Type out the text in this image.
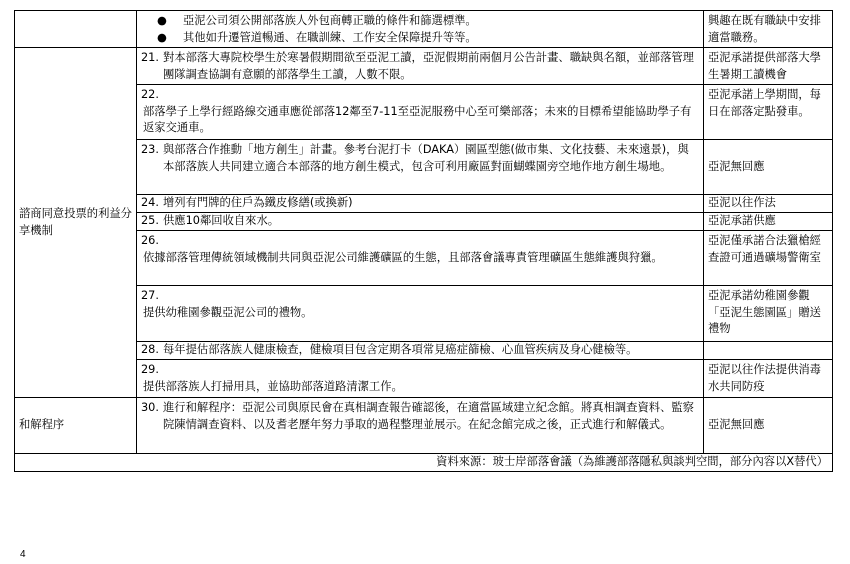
	● 亞泥公司須公開部落族人外包商轉正職的條件和篩選標準。
● 其他如升遷管道暢通、在職訓練、工作安全保障提升等等。	興趣在既有職缺中安排適當職務。
諮商同意投票的利益分享機制	21. 對本部落大專院校學生於寒暑假期間欲至亞泥工讀，亞泥假期前兩個月公告計畫、職缺與名額，並部落管理團隊調查協調有意願的部落學生工讀，人數不限。	亞泥承諾提供部落大學生暑期工讀機會

	22.
部落學子上學行經路線交通車應從部落12鄰至7-11至亞泥服務中心至可樂部落；未來的目標希望能協助學子有返家交通車。	亞泥承諾上學期間，每日在部落定點發車。

	23. 與部落合作推動「地方創生」計畫。參考台泥打卡（DAKA）園區型態(做市集、文化技藝、未來遠景)，與本部落族人共同建立適合本部落的地方創生模式，包含可利用廠區對面蝴蝶園旁空地作地方創生場地。	亞泥無回應

	24. 增列有門牌的住戶為鐵皮修繕(或換新)	亞泥以往作法

	25. 供應10鄰回收自來水。	亞泥承諾供應

	26.
依據部落管理傳統領域機制共同與亞泥公司維護礦區的生態，且部落會議專責管理礦區生態維護與狩獵。	亞泥僅承諾合法獵槍經查證可通過礦場警衛室

	27.
提供幼稚園參觀亞泥公司的禮物。	亞泥承諾幼稚園參觀「亞泥生態園區」贈送禮物

	28. 每年提估部落族人健康檢查，健檢項目包含定期各項常見癌症篩檢、心血管疾病及身心健檢等。	

	29.
提供部落族人打掃用具，並協助部落道路清潔工作。	亞泥以往作法提供消毒水共同防疫
和解程序	30. 進行和解程序：亞泥公司與原民會在真相調查報告確認後，在適當區域建立紀念館。將真相調查資料、監察院陳情調查資料、以及耆老歷年努力爭取的過程整理並展示。在紀念館完成之後，正式進行和解儀式。	亞泥無回應
資料來源：玻士岸部落會議（為維護部落隱私與談判空間，部分內容以X替代）		
4
